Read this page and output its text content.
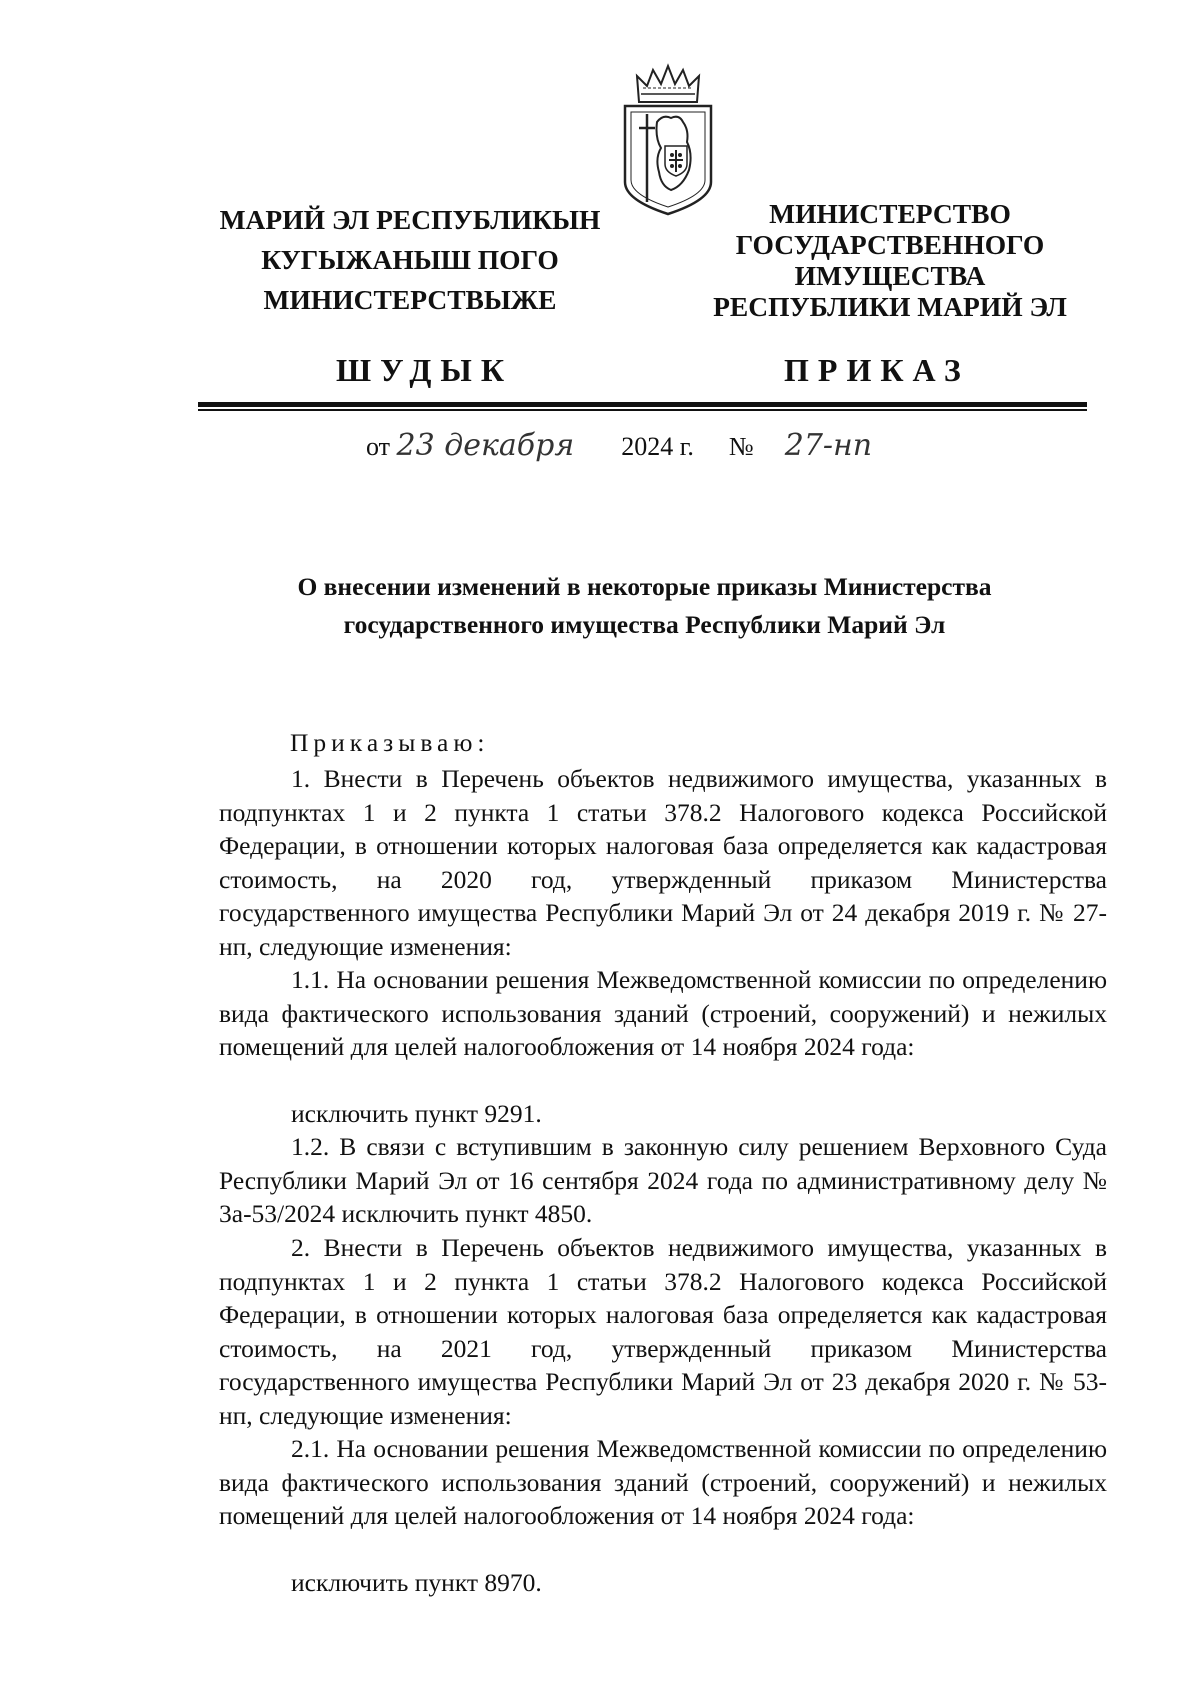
МАРИЙ ЭЛ РЕСПУБЛИКЫН
КУГЫЖАНЫШ ПОГО
МИНИСТЕРСТВЫЖЕ
МИНИСТЕРСТВО
ГОСУДАРСТВЕННОГО
ИМУЩЕСТВА
РЕСПУБЛИКИ МАРИЙ ЭЛ
ШУДЫК	ПРИКАЗ
от 23 декабря 2024 г. № 27-нп
О внесении изменений в некоторые приказы Министерства государственного имущества Республики Марий Эл
Приказываю:
1. Внести в Перечень объектов недвижимого имущества, указанных в подпунктах 1 и 2 пункта 1 статьи 378.2 Налогового кодекса Российской Федерации, в отношении которых налоговая база определяется как кадастровая стоимость, на 2020 год, утвержденный приказом Министерства государственного имущества Республики Марий Эл от 24 декабря 2019 г. № 27-нп, следующие изменения:
1.1. На основании решения Межведомственной комиссии по определению вида фактического использования зданий (строений, сооружений) и нежилых помещений для целей налогообложения от 14 ноября 2024 года:
исключить пункт 9291.
1.2. В связи с вступившим в законную силу решением Верховного Суда Республики Марий Эл от 16 сентября 2024 года по административному делу № 3а-53/2024 исключить пункт 4850.
2. Внести в Перечень объектов недвижимого имущества, указанных в подпунктах 1 и 2 пункта 1 статьи 378.2 Налогового кодекса Российской Федерации, в отношении которых налоговая база определяется как кадастровая стоимость, на 2021 год, утвержденный приказом Министерства государственного имущества Республики Марий Эл от 23 декабря 2020 г. № 53-нп, следующие изменения:
2.1. На основании решения Межведомственной комиссии по определению вида фактического использования зданий (строений, сооружений) и нежилых помещений для целей налогообложения от 14 ноября 2024 года:
исключить пункт 8970.
